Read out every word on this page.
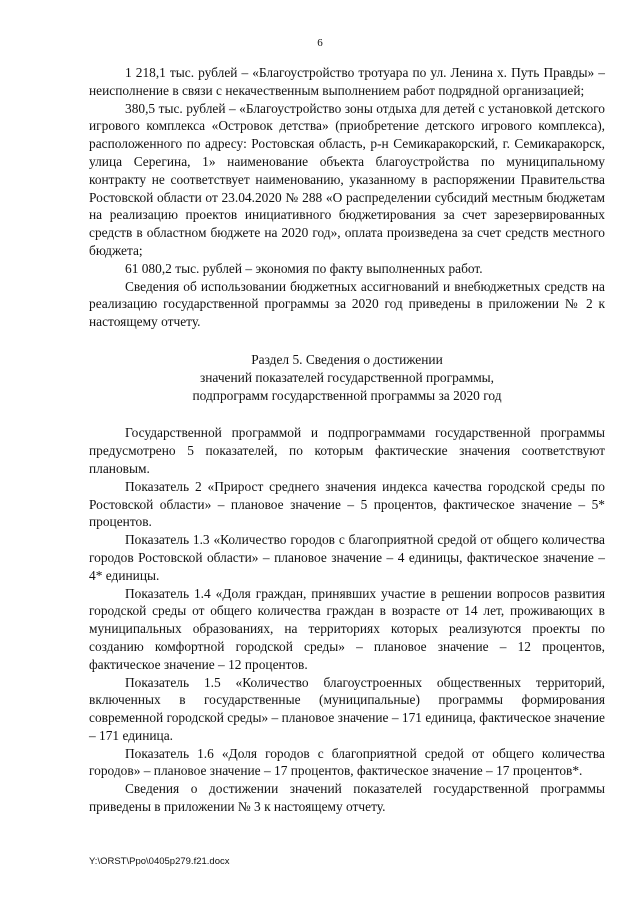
6

1 218,1 тыс. рублей – «Благоустройство тротуара по ул. Ленина х. Путь Правды» – неисполнение в связи с некачественным выполнением работ подрядной организацией;

380,5 тыс. рублей – «Благоустройство зоны отдыха для детей с установкой детского игрового комплекса «Островок детства» (приобретение детского игрового комплекса), расположенного по адресу: Ростовская область, р-н Семикаракорский, г. Семикаракорск, улица Серегина, 1» наименование объекта благоустройства по муниципальному контракту не соответствует наименованию, указанному в распоряжении Правительства Ростовской области от 23.04.2020 № 288 «О распределении субсидий местным бюджетам на реализацию проектов инициативного бюджетирования за счет зарезервированных средств в областном бюджете на 2020 год», оплата произведена за счет средств местного бюджета;

61 080,2 тыс. рублей – экономия по факту выполненных работ.

Сведения об использовании бюджетных ассигнований и внебюджетных средств на реализацию государственной программы за 2020 год приведены в приложении № 2 к настоящему отчету.

Раздел 5. Сведения о достижении
значений показателей государственной программы,
подпрограмм государственной программы за 2020 год

Государственной программой и подпрограммами государственной программы предусмотрено 5 показателей, по которым фактические значения соответствуют плановым.

Показатель 2 «Прирост среднего значения индекса качества городской среды по Ростовской области» – плановое значение – 5 процентов, фактическое значение – 5* процентов.

Показатель 1.3 «Количество городов с благоприятной средой от общего количества городов Ростовской области» – плановое значение – 4 единицы, фактическое значение – 4* единицы.

Показатель 1.4 «Доля граждан, принявших участие в решении вопросов развития городской среды от общего количества граждан в возрасте от 14 лет, проживающих в муниципальных образованиях, на территориях которых реализуются проекты по созданию комфортной городской среды» – плановое значение – 12 процентов, фактическое значение – 12 процентов.

Показатель 1.5 «Количество благоустроенных общественных территорий, включенных в государственные (муниципальные) программы формирования современной городской среды» – плановое значение – 171 единица, фактическое значение – 171 единица.

Показатель 1.6 «Доля городов с благоприятной средой от общего количества городов» – плановое значение – 17 процентов, фактическое значение – 17 процентов*.

Сведения о достижении значений показателей государственной программы приведены в приложении № 3 к настоящему отчету.

Y:\ORST\Ppo\0405p279.f21.docx
